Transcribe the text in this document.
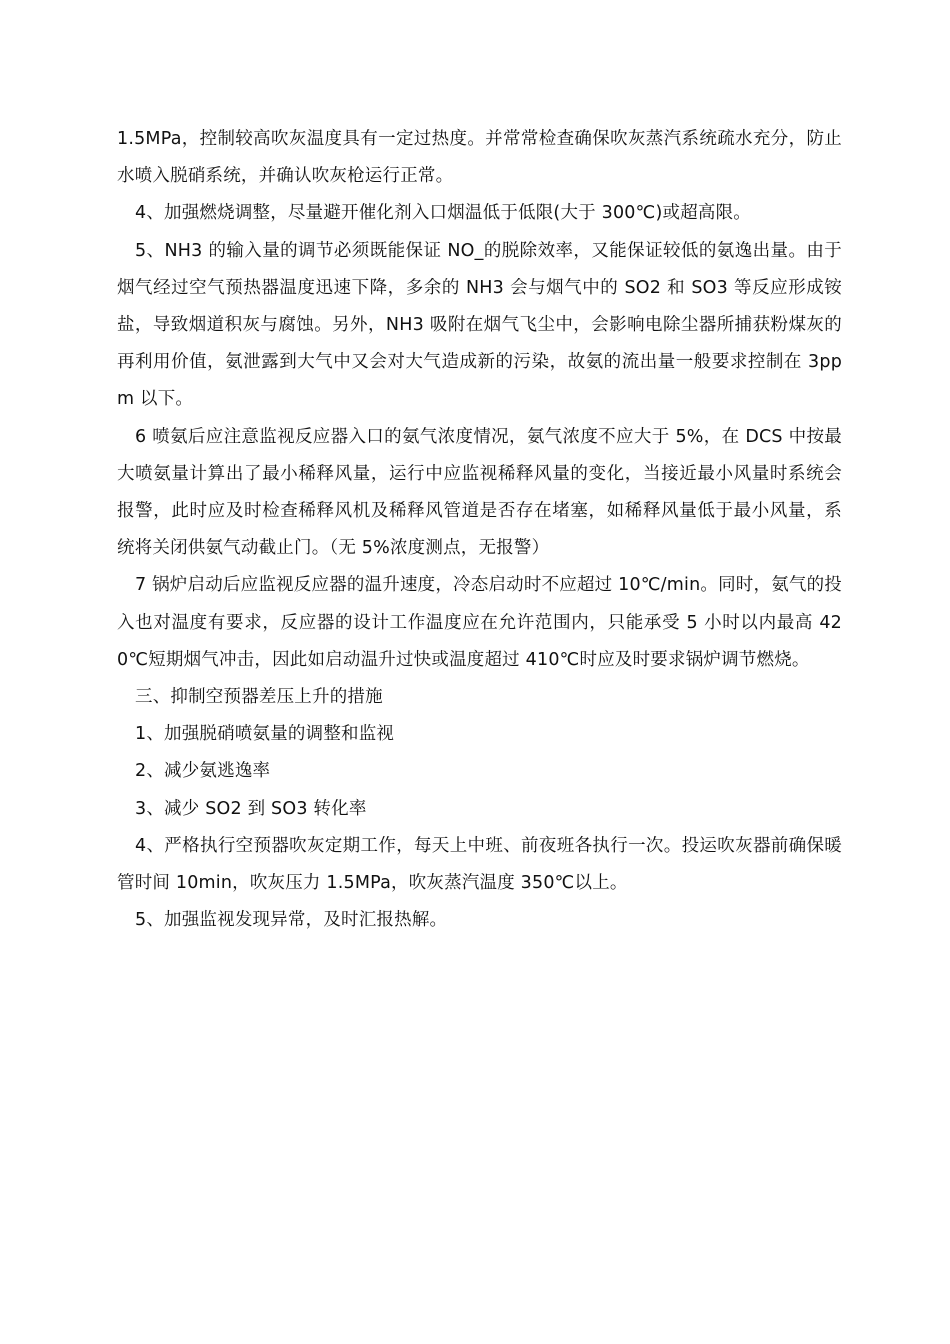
1.5MPa，控制较高吹灰温度具有一定过热度。并常常检查确保吹灰蒸汽系统疏水充分，防止水喷入脱硝系统，并确认吹灰枪运行正常。

4、加强燃烧调整，尽量避开催化剂入口烟温低于低限(大于 300℃)或超高限。

5、NH3 的输入量的调节必须既能保证 NO_的脱除效率，又能保证较低的氨逸出量。由于烟气经过空气预热器温度迅速下降，多余的 NH3 会与烟气中的 SO2 和 SO3 等反应形成铵盐，导致烟道积灰与腐蚀。另外，NH3 吸附在烟气飞尘中，会影响电除尘器所捕获粉煤灰的再利用价值，氨泄露到大气中又会对大气造成新的污染，故氨的流出量一般要求控制在 3ppm 以下。

6 喷氨后应注意监视反应器入口的氨气浓度情况，氨气浓度不应大于 5%，在 DCS 中按最大喷氨量计算出了最小稀释风量，运行中应监视稀释风量的变化，当接近最小风量时系统会报警，此时应及时检查稀释风机及稀释风管道是否存在堵塞，如稀释风量低于最小风量，系统将关闭供氨气动截止门。（无 5%浓度测点，无报警）

7 锅炉启动后应监视反应器的温升速度，冷态启动时不应超过 10℃/min。同时，氨气的投入也对温度有要求，反应器的设计工作温度应在允许范围内，只能承受 5 小时以内最高 420℃短期烟气冲击，因此如启动温升过快或温度超过 410℃时应及时要求锅炉调节燃烧。

三、抑制空预器差压上升的措施

1、加强脱硝喷氨量的调整和监视

2、减少氨逃逸率

3、减少 SO2 到 SO3 转化率

4、严格执行空预器吹灰定期工作，每天上中班、前夜班各执行一次。投运吹灰器前确保暖管时间 10min，吹灰压力 1.5MPa，吹灰蒸汽温度 350℃以上。

5、加强监视发现异常，及时汇报热解。
